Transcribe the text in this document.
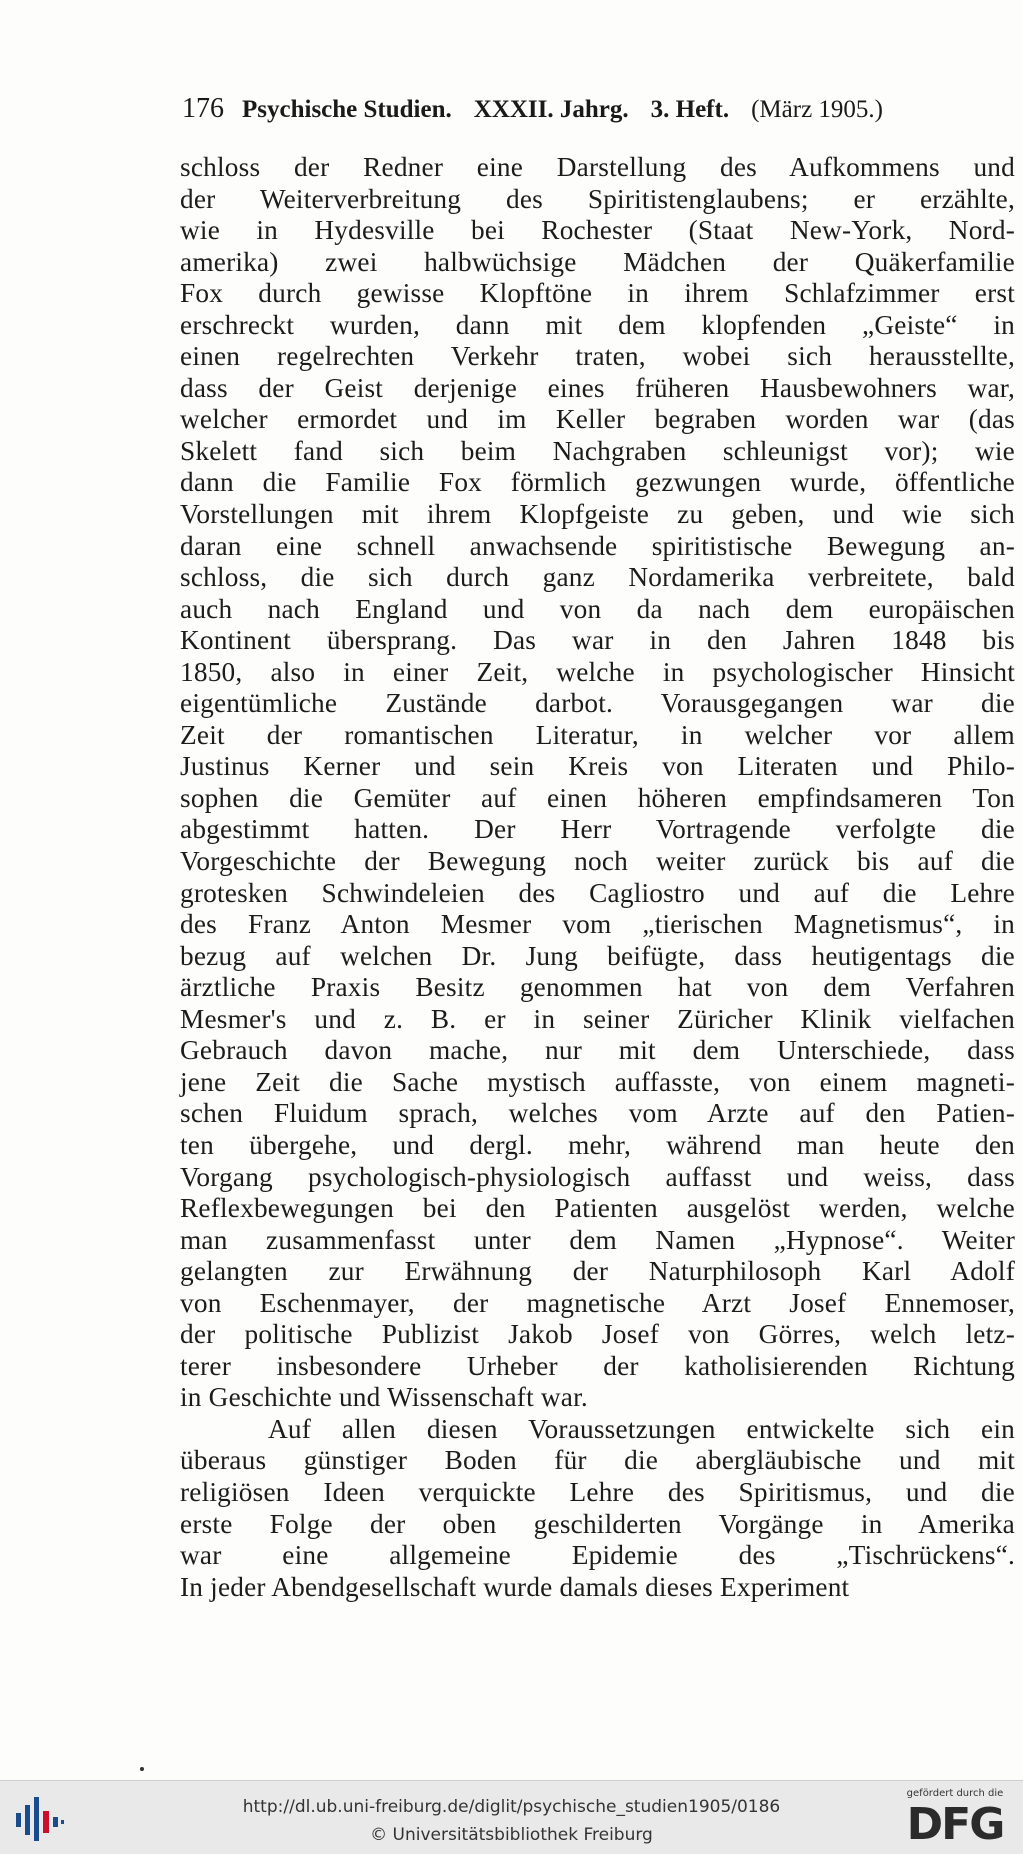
176 Psychische Studien. XXXII. Jahrg. 3. Heft. (März 1905.)
schloss der Redner eine Darstellung des Aufkommens und
der Weiterverbreitung des Spiritistenglaubens; er erzählte,
wie in Hydesville bei Rochester (Staat New-York, Nord-
amerika) zwei halbwüchsige Mädchen der Quäkerfamilie
Fox durch gewisse Klopftöne in ihrem Schlafzimmer erst
erschreckt wurden, dann mit dem klopfenden „Geiste“ in
einen regelrechten Verkehr traten, wobei sich herausstellte,
dass der Geist derjenige eines früheren Hausbewohners war,
welcher ermordet und im Keller begraben worden war (das
Skelett fand sich beim Nachgraben schleunigst vor); wie
dann die Familie Fox förmlich gezwungen wurde, öffentliche
Vorstellungen mit ihrem Klopfgeiste zu geben, und wie sich
daran eine schnell anwachsende spiritistische Bewegung an-
schloss, die sich durch ganz Nordamerika verbreitete, bald
auch nach England und von da nach dem europäischen
Kontinent übersprang. Das war in den Jahren 1848 bis
1850, also in einer Zeit, welche in psychologischer Hinsicht
eigentümliche Zustände darbot. Vorausgegangen war die
Zeit der romantischen Literatur, in welcher vor allem
Justinus Kerner und sein Kreis von Literaten und Philo-
sophen die Gemüter auf einen höheren empfindsameren Ton
abgestimmt hatten. Der Herr Vortragende verfolgte die
Vorgeschichte der Bewegung noch weiter zurück bis auf die
grotesken Schwindeleien des Cagliostro und auf die Lehre
des Franz Anton Mesmer vom „tierischen Magnetismus“, in
bezug auf welchen Dr. Jung beifügte, dass heutigentags die
ärztliche Praxis Besitz genommen hat von dem Verfahren
Mesmer's und z. B. er in seiner Züricher Klinik vielfachen
Gebrauch davon mache, nur mit dem Unterschiede, dass
jene Zeit die Sache mystisch auffasste, von einem magneti-
schen Fluidum sprach, welches vom Arzte auf den Patien-
ten übergehe, und dergl. mehr, während man heute den
Vorgang psychologisch-physiologisch auffasst und weiss, dass
Reflexbewegungen bei den Patienten ausgelöst werden, welche
man zusammenfasst unter dem Namen „Hypnose“. Weiter
gelangten zur Erwähnung der Naturphilosoph Karl Adolf
von Eschenmayer, der magnetische Arzt Josef Ennemoser,
der politische Publizist Jakob Josef von Görres, welch letz-
terer insbesondere Urheber der katholisierenden Richtung
in Geschichte und Wissenschaft war.
Auf allen diesen Voraussetzungen entwickelte sich ein
überaus günstiger Boden für die abergläubische und mit
religiösen Ideen verquickte Lehre des Spiritismus, und die
erste Folge der oben geschilderten Vorgänge in Amerika
war eine allgemeine Epidemie des „Tischrückens“.
In jeder Abendgesellschaft wurde damals dieses Experiment
http://dl.ub.uni-freiburg.de/diglit/psychische_studien1905/0186
© Universitätsbibliothek Freiburg
gefördert durch die
DFG
